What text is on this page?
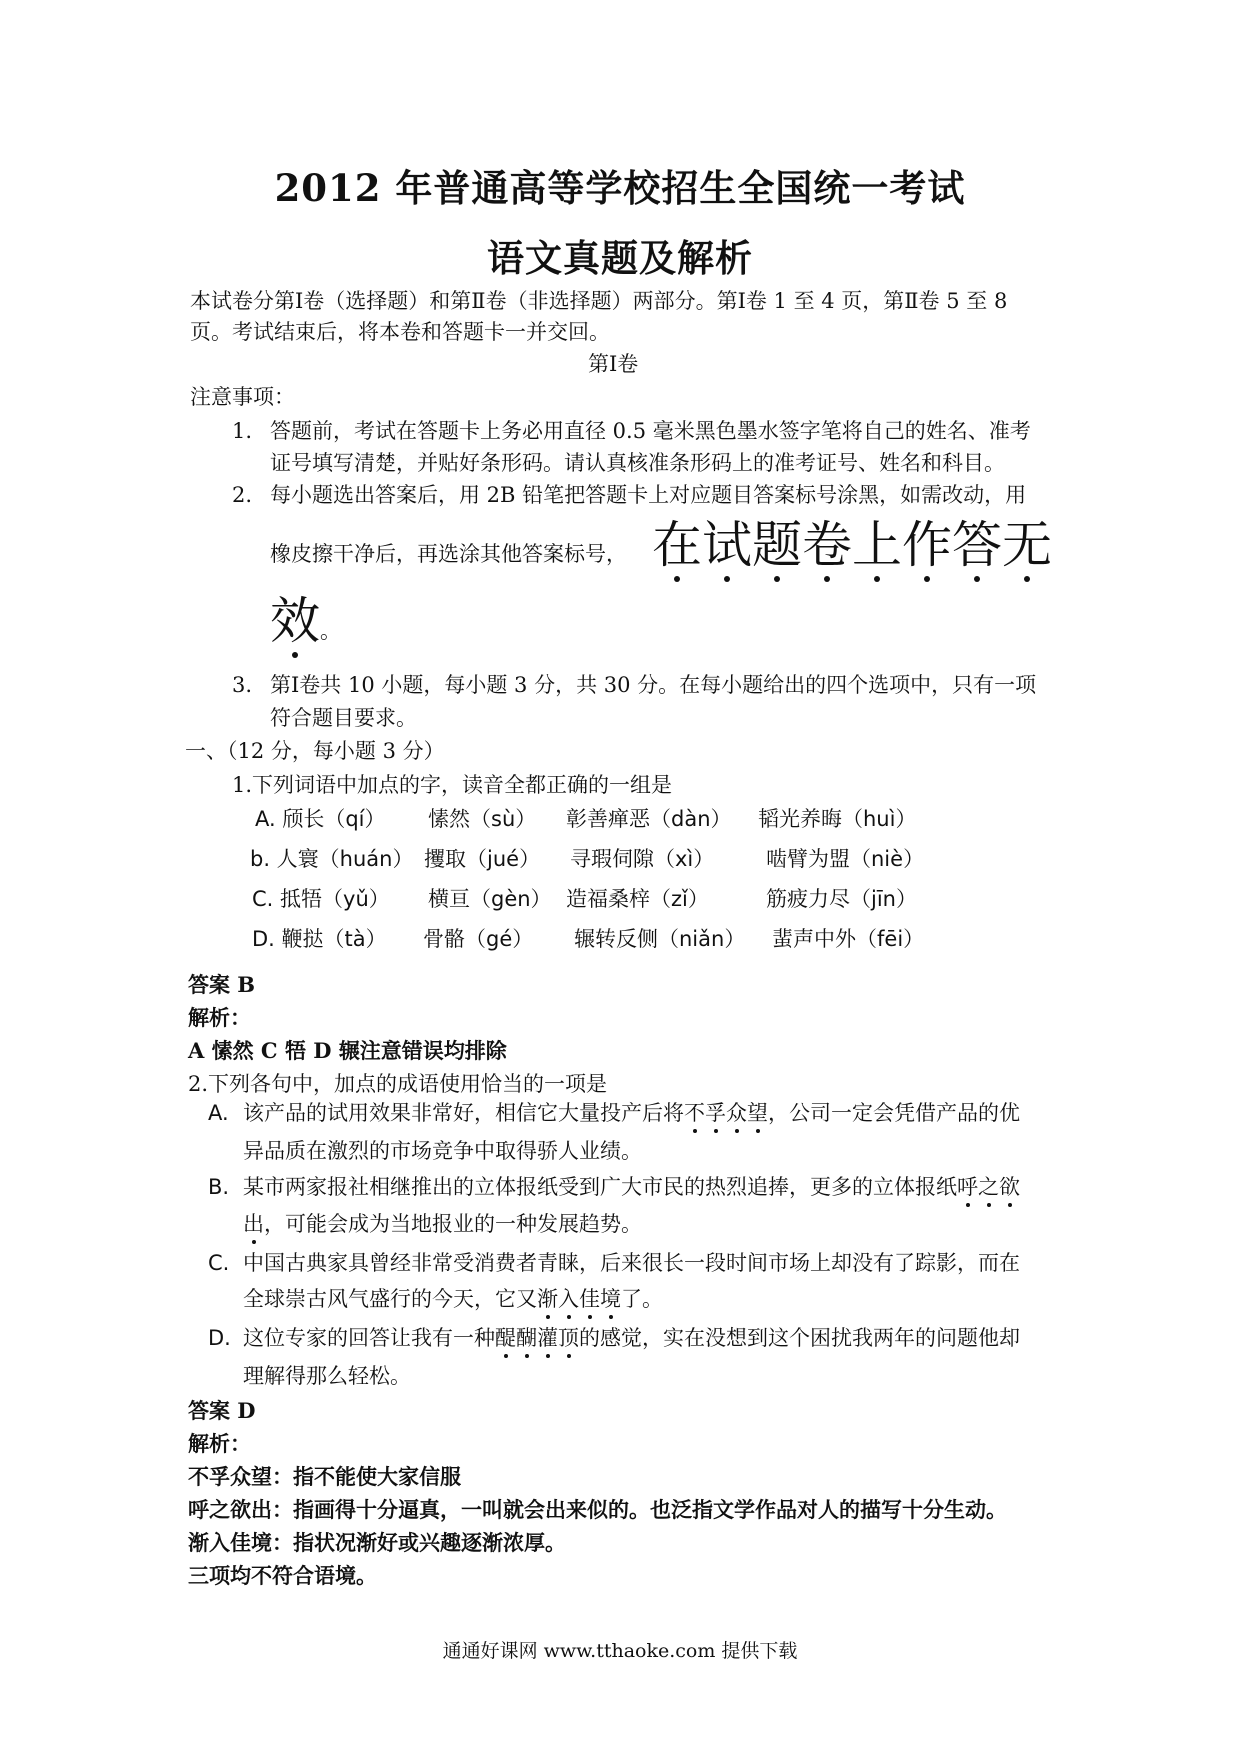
2012 年普通高等学校招生全国统一考试
语文真题及解析
本试卷分第Ⅰ卷（选择题）和第Ⅱ卷（非选择题）两部分。第Ⅰ卷 1 至 4 页，第Ⅱ卷 5 至 8
页。考试结束后，将本卷和答题卡一并交回。
第Ⅰ卷
注意事项：
1. 答题前，考试在答题卡上务必用直径 0.5 毫米黑色墨水签字笔将自己的姓名、准考
证号填写清楚，并贴好条形码。请认真核准条形码上的准考证号、姓名和科目。
2. 每小题选出答案后，用 2B 铅笔把答题卡上对应题目答案标号涂黑，如需改动，用
橡皮擦干净后，再选涂其他答案标号， 在试题卷上作答无
效。
3. 第Ⅰ卷共 10 小题，每小题 3 分，共 30 分。在每小题给出的四个选项中，只有一项
符合题目要求。
一、（12 分，每小题 3 分）
1.下列词语中加点的字，读音全都正确的一组是
A. 颀长（qí） 愫然（sù） 彰善瘅恶（dàn） 韬光养晦（huì）
b. 人寰（huán） 攫取（jué） 寻瑕伺隙（xì） 啮臂为盟（niè）
C. 抵牾（yǔ） 横亘（gèn） 造福桑梓（zǐ）	筋疲力尽（jīn）
D. 鞭挞（tà） 骨骼（gé） 辗转反侧（niǎn） 蜚声中外（fēi）
答案 B
解析：
A 愫然 C 牾 D 辗注意错误均排除
2.下列各句中，加点的成语使用恰当的一项是
A. 该产品的试用效果非常好，相信它大量投产后将不孚众望，公司一定会凭借产品的优
异品质在激烈的市场竞争中取得骄人业绩。
B. 某市两家报社相继推出的立体报纸受到广大市民的热烈追捧，更多的立体报纸呼之欲
出，可能会成为当地报业的一种发展趋势。
C. 中国古典家具曾经非常受消费者青睐，后来很长一段时间市场上却没有了踪影，而在
全球崇古风气盛行的今天，它又渐入佳境了。
D. 这位专家的回答让我有一种醍醐灌顶的感觉，实在没想到这个困扰我两年的问题他却
理解得那么轻松。
答案 D
解析：
不孚众望：指不能使大家信服
呼之欲出：指画得十分逼真，一叫就会出来似的。也泛指文学作品对人的描写十分生动。
渐入佳境：指状况渐好或兴趣逐渐浓厚。
三项均不符合语境。
通通好课网 www.tthaoke.com 提供下载
